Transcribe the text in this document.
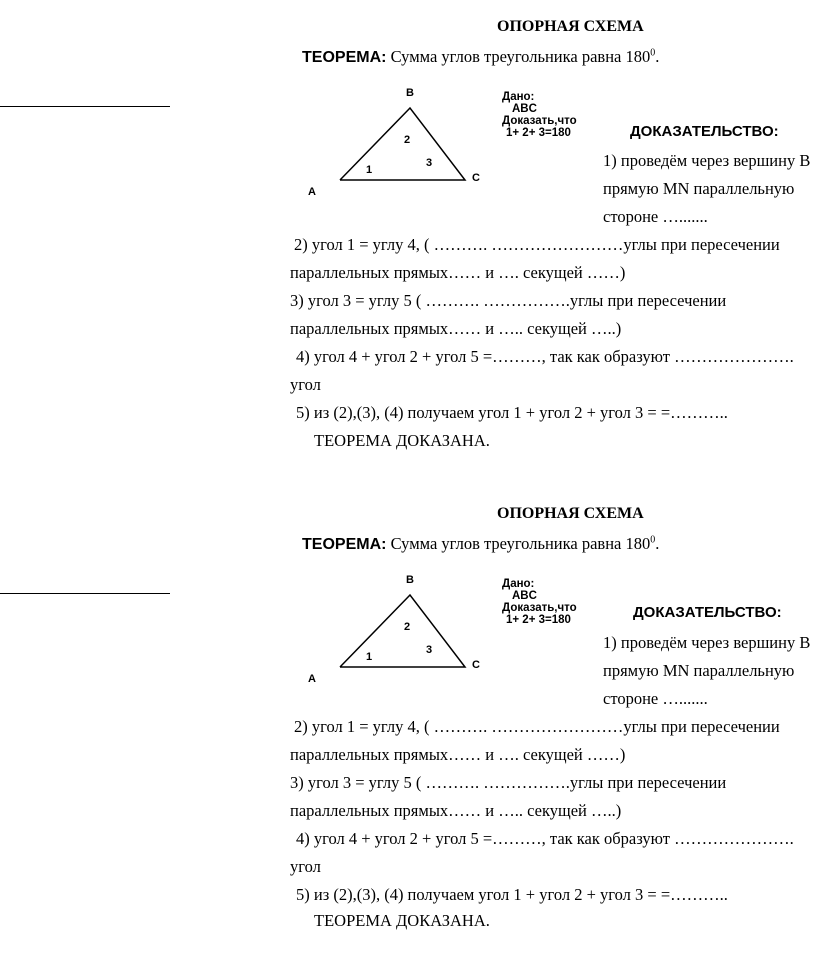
ОПОРНАЯ СХЕМА
ТЕОРЕМА: Сумма углов треугольника равна $180^0$.
B
A
C
2
1
3
Дано:
ABC
Доказать,что
1+ 2+ 3=180	ДОКАЗАТЕЛЬСТВО:
1) проведём через вершину В
прямую МN параллельную
стороне ….......
2) угол 1 = углу 4, ( ………. ……………………углы при пересечении
параллельных прямых…… и …. секущей ……)
3) угол 3 = углу 5 ( ………. …………….углы при пересечении
параллельных прямых…… и ….. секущей …..)
4) угол 4 + угол 2 + угол 5 =………, так как образуют ………………….
угол
5) из (2),(3), (4) получаем угол 1 + угол 2 + угол 3 = =………..
ТЕОРЕМА ДОКАЗАНА.
ОПОРНАЯ СХЕМА
ТЕОРЕМА: Сумма углов треугольника равна $180^0$.
B
A
C
2
1
3
Дано:
ABC
Доказать,что
1+ 2+ 3=180	ДОКАЗАТЕЛЬСТВО:
1) проведём через вершину В
прямую МN параллельную
стороне ….......
2) угол 1 = углу 4, ( ………. ……………………углы при пересечении
параллельных прямых…… и …. секущей ……)
3) угол 3 = углу 5 ( ………. …………….углы при пересечении
параллельных прямых…… и ….. секущей …..)
4) угол 4 + угол 2 + угол 5 =………, так как образуют ………………….
угол
5) из (2),(3), (4) получаем угол 1 + угол 2 + угол 3 = =………..
ТЕОРЕМА ДОКАЗАНА.
